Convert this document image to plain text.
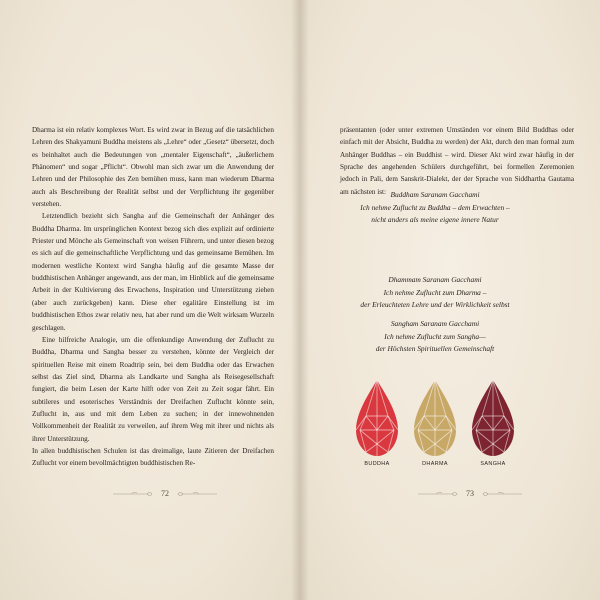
Dharma ist ein relativ komplexes Wort. Es wird zwar in Bezug auf die tatsächlichen Lehren des Shakyamuni Buddha meistens als „Lehre“ oder „Gesetz“ übersetzt, doch es beinhaltet auch die Bedeutungen von „mentaler Eigenschaft“, „äußerlichem Phänomen“ und sogar „Pflicht“. Obwohl man sich zwar um die Anwendung der Lehren und der Philosophie des Zen bemühen muss, kann man wiederum Dharma auch als Beschreibung der Realität selbst und der Verpflichtung ihr gegenüber verstehen.

Letztendlich bezieht sich Sangha auf die Gemeinschaft der Anhänger des Buddha Dharma. Im ursprünglichen Kontext bezog sich dies explizit auf ordinierte Priester und Mönche als Gemeinschaft von weisen Führern, und unter diesen bezog es sich auf die gemeinschaftliche Verpflichtung und das gemeinsame Bemühen. Im modernen westliche Kontext wird Sangha häufig auf die gesamte Masse der buddhistischen Anhänger angewandt, aus der man, im Hinblick auf die gemeinsame Arbeit in der Kultivierung des Erwachens, Inspiration und Unterstützung ziehen (aber auch zurückgeben) kann. Diese eher egalitäre Einstellung ist im buddhistischen Ethos zwar relativ neu, hat aber rund um die Welt wirksam Wurzeln geschlagen.

Eine hilfreiche Analogie, um die offenkundige Anwendung der Zuflucht zu Buddha, Dharma und Sangha besser zu verstehen, könnte der Vergleich der spirituellen Reise mit einem Roadtrip sein, bei dem Buddha oder das Erwachen selbst das Ziel sind, Dharma als Landkarte und Sangha als Reisegesellschaft fungiert, die beim Lesen der Karte hilft oder von Zeit zu Zeit sogar fährt. Ein subtileres und esoterisches Verständnis der Dreifachen Zuflucht könnte sein, Zuflucht in, aus und mit dem Leben zu suchen; in der innewohnenden Vollkommenheit der Realität zu verweilen, auf ihrem Weg mit ihrer und nichts als ihrer Unterstützung.

In allen buddhistischen Schulen ist das dreimalige, laute Zitieren der Dreifachen Zuflucht vor einem bevollmächtigten buddhistischen Re-

72

präsentanten (oder unter extremen Umständen vor einem Bild Buddhas oder einfach mit der Absicht, Buddha zu werden) der Akt, durch den man formal zum Anhänger Buddhas – ein Buddhist – wird. Dieser Akt wird zwar häufig in der Sprache des angehenden Schülers durchgeführt, bei formellen Zeremonien jedoch in Pali, dem Sanskrit-Dialekt, der der Sprache von Siddhartha Gautama am nächsten ist:

73
Buddham Saranam Gacchami
Ich nehme Zuflucht zu Buddha – dem Erwachten –
nicht anders als meine eigene innere Natur
Dhammam Saranam Gacchami
Ich nehme Zuflucht zum Dharma –
der Erleuchteten Lehre und der Wirklichkeit selbst
Sangham Saranam Gacchami
Ich nehme Zuflucht zum Sangha—
der Höchsten Spirituellen Gemeinschaft
BUDDHA	DHARMA	SANGHA
